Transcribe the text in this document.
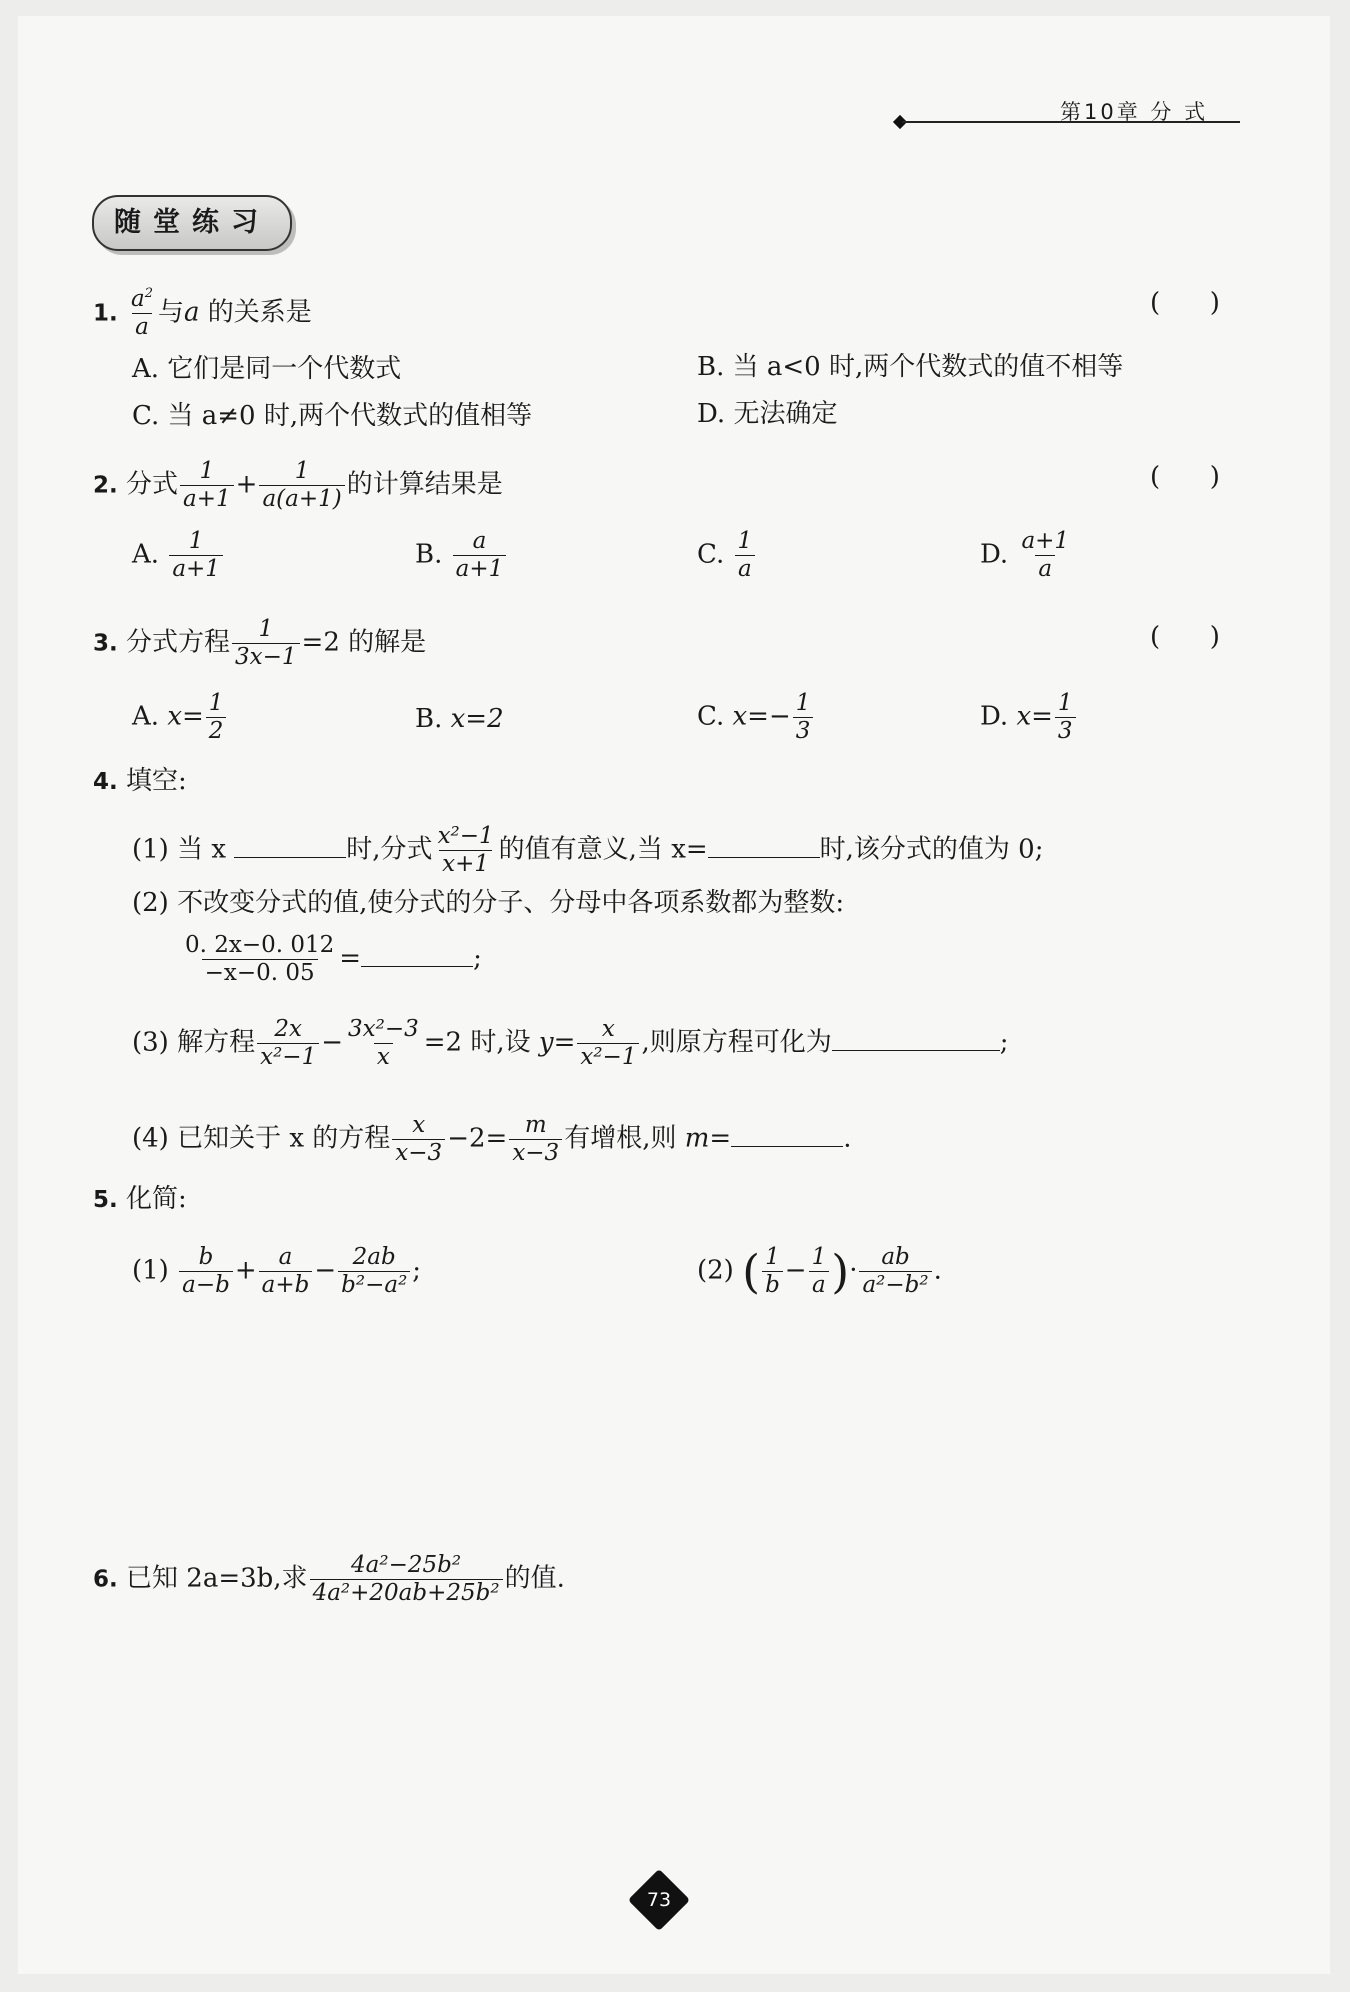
第10章 分 式
随堂练习
1. $\frac{a^2}{a}$ 与a 的关系是	(      )
A. 它们是同一个代数式	B. 当 a<0 时,两个代数式的值不相等
C. 当 a≠0 时,两个代数式的值相等	D. 无法确定
2. 分式 $\frac{1}{a+1} + \frac{1}{a(a+1)}$ 的计算结果是	(      )
A. $\frac{1}{a+1}$	B. $\frac{a}{a+1}$	C. $\frac{1}{a}$	D. $\frac{a+1}{a}$
3. 分式方程 $\frac{1}{3x-1} =2$ 的解是	(      )
A. $x= \frac{1}{2}$	B. x=2	C. $x=- \frac{1}{3}$	D. $x= \frac{1}{3}$
4. 填空:
(1) 当 x	时,分式 $\frac{\text{x²−1}}{x+1}$ 的值有意义,当 x=	时,该分式的值为 0;
(2) 不改变分式的值,使分式的分子、分母中各项系数都为整数:
$\frac{0. 2x-0. 012}{-x-0. 05}$ =	;
(3) 解方程 $\frac{2x}{\text{x²−1}} - \frac{\text{3x²−3}}{x} =2$ 时,设 $y= \frac{x}{\text{x²−1}}$ ,则原方程可化为	;
(4) 已知关于 x 的方程 $\frac{x}{x-3} -2= \frac{m}{x-3}$ 有增根,则 m=	.
5. 化简:
$(1) \frac{b}{a-b} + \frac{a}{a+b} - \frac{2ab}{\text{b²−a²}}$ ;	(2) ( $\frac{1}{b} - \frac{1}{a}$ )· $\frac{ab}{\text{a²−b²}}$ .
6. 已知 2a=3b,求 $\frac{\text{4a²−25b²}}{\text{4a²+20ab+25b²}}$ 的值.
73
